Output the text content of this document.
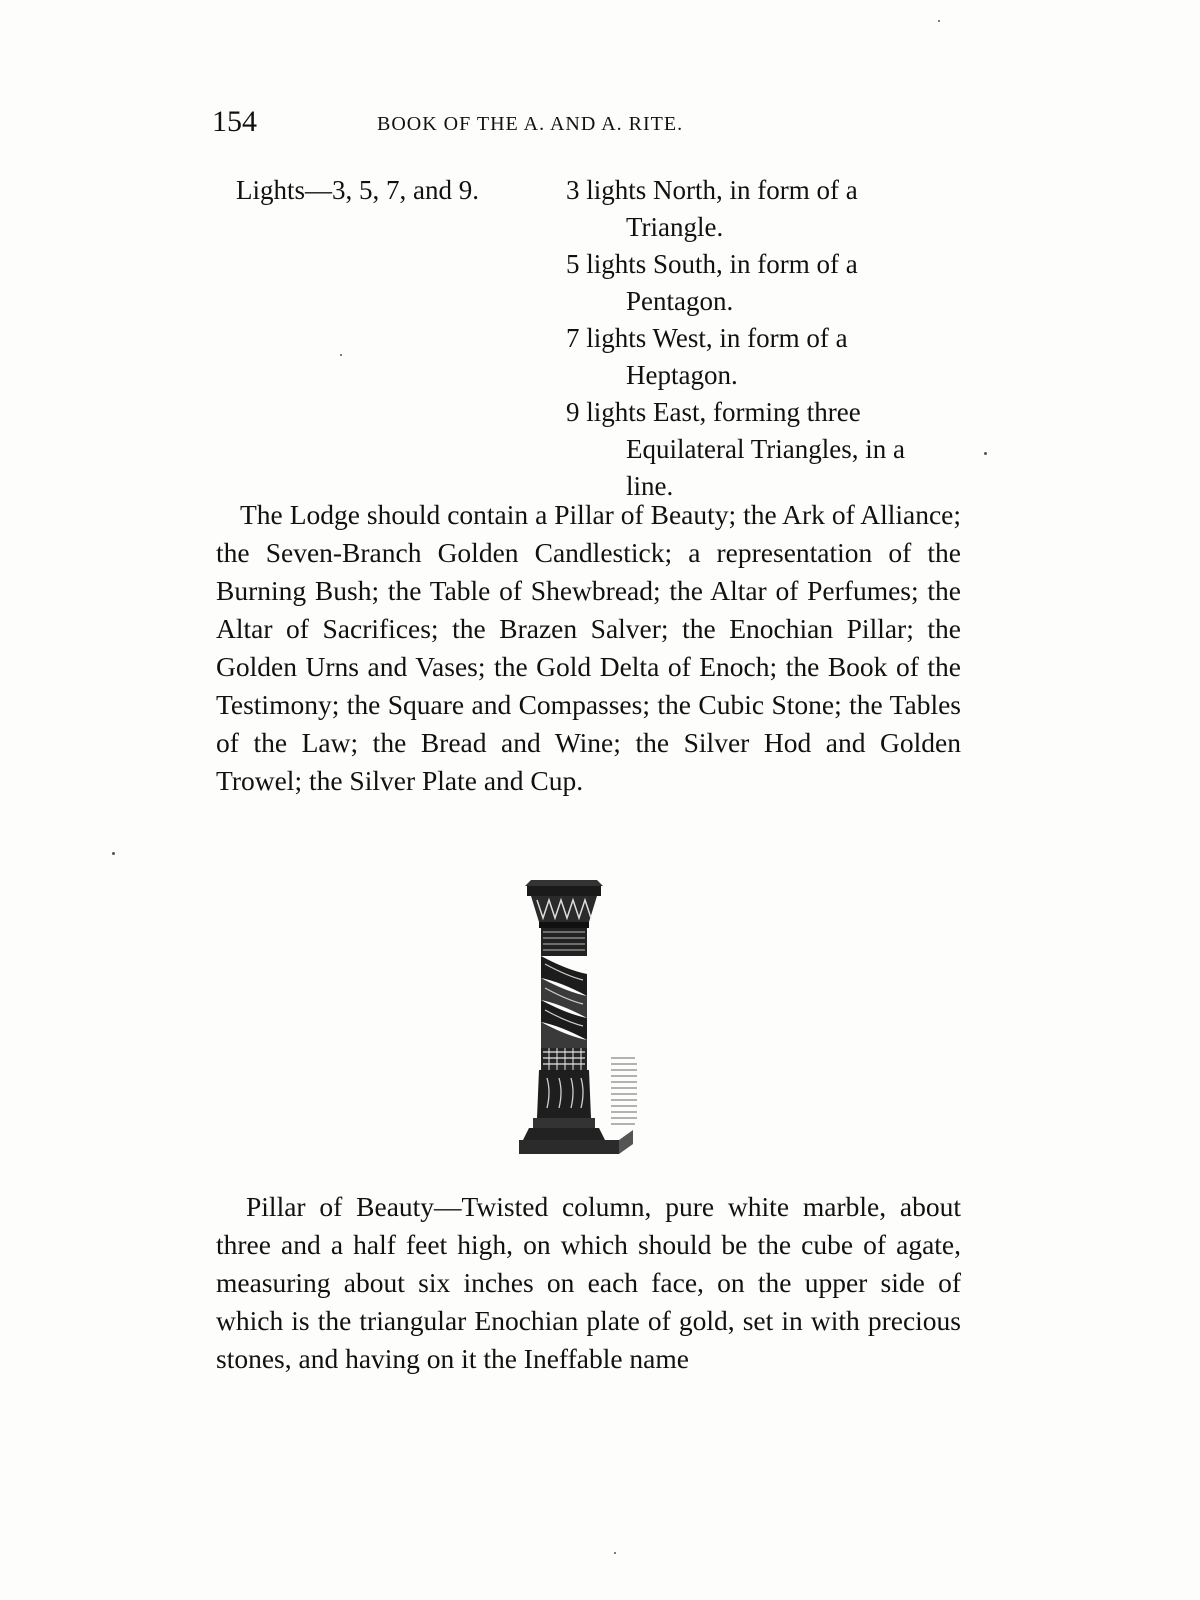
154	BOOK OF THE A. AND A. RITE.
Lights—3, 5, 7, and 9.	3 lights North, in form of a Triangle.
5 lights South, in form of a Pentagon.
7 lights West, in form of a Heptagon.
9 lights East, forming three Equilateral Triangles, in a line.

The Lodge should contain a Pillar of Beauty; the Ark of Alliance; the Seven-Branch Golden Candlestick; a representation of the Burning Bush; the Table of Shewbread; the Altar of Perfumes; the Altar of Sacrifices; the Brazen Salver; the Enochian Pillar; the Golden Urns and Vases; the Gold Delta of Enoch; the Book of the Testimony; the Square and Compasses; the Cubic Stone; the Tables of the Law; the Bread and Wine; the Silver Hod and Golden Trowel; the Silver Plate and Cup.

Pillar of Beauty—Twisted column, pure white marble, about three and a half feet high, on which should be the cube of agate, measuring about six inches on each face, on the upper side of which is the triangular Enochian plate of gold, set in with precious stones, and having on it the Ineffable name
